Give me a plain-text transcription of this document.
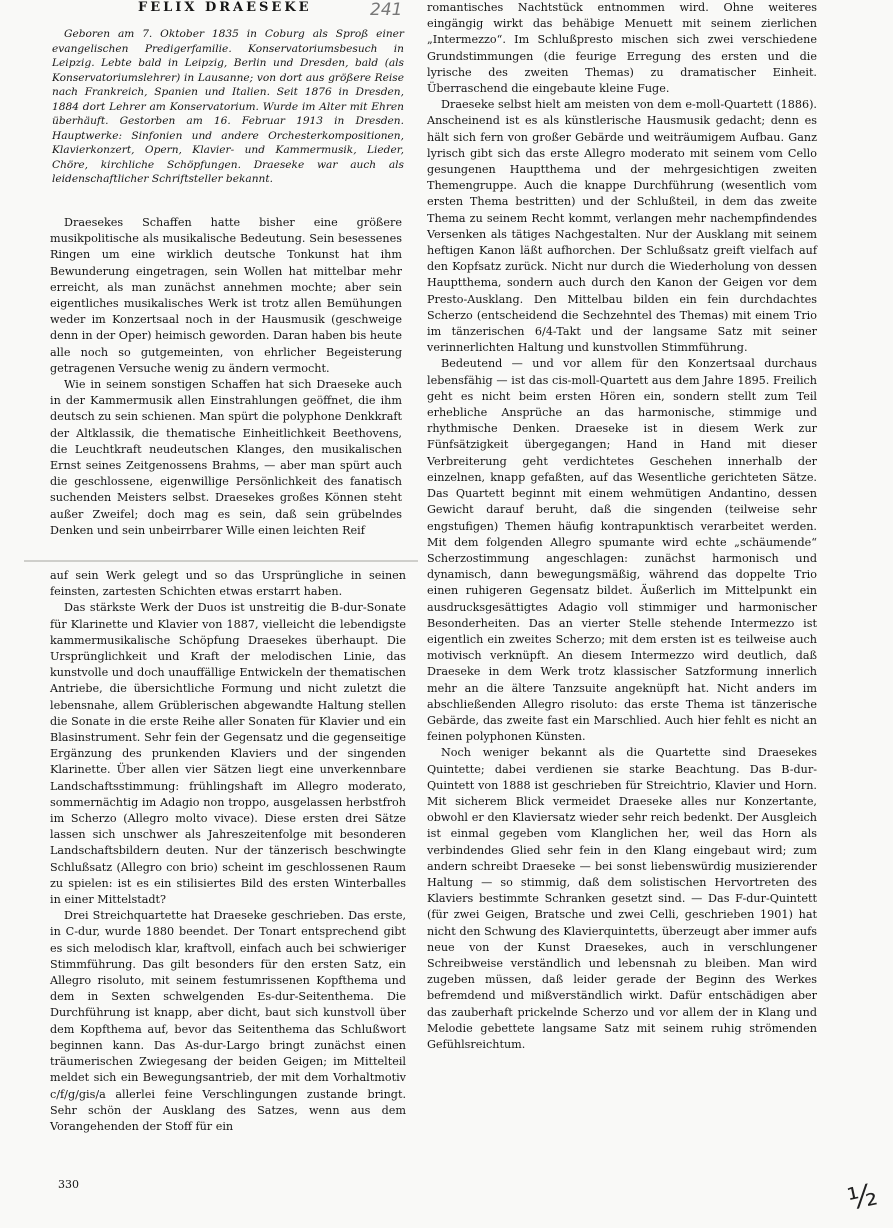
FELIX DRAESEKE	241

Geboren am 7. Oktober 1835 in Coburg als Sproß einer evangelischen Predigerfamilie. Konservatoriumsbesuch in Leipzig. Lebte bald in Leipzig, Berlin und Dresden, bald (als Konservatoriumslehrer) in Lausanne; von dort aus größere Reise nach Frankreich, Spanien und Italien. Seit 1876 in Dresden, 1884 dort Lehrer am Konservatorium. Wurde im Alter mit Ehren überhäuft. Gestorben am 16. Februar 1913 in Dresden. Hauptwerke: Sinfonien und andere Orchesterkompositionen, Klavierkonzert, Opern, Klavier- und Kammermusik, Lieder, Chöre, kirchliche Schöpfungen. Draeseke war auch als leidenschaftlicher Schriftsteller bekannt.

Draesekes Schaffen hatte bisher eine größere musikpolitische als musikalische Bedeutung. Sein besessenes Ringen um eine wirklich deutsche Tonkunst hat ihm Bewunderung eingetragen, sein Wollen hat mittelbar mehr erreicht, als man zunächst annehmen mochte; aber sein eigentliches musikalisches Werk ist trotz allen Bemühungen weder im Konzertsaal noch in der Hausmusik (geschweige denn in der Oper) heimisch geworden. Daran haben bis heute alle noch so gutgemeinten, von ehrlicher Begeisterung getragenen Versuche wenig zu ändern vermocht.

Wie in seinem sonstigen Schaffen hat sich Draeseke auch in der Kammermusik allen Einstrahlungen geöffnet, die ihm deutsch zu sein schienen. Man spürt die polyphone Denkkraft der Altklassik, die thematische Einheitlichkeit Beethovens, die Leuchtkraft neudeutschen Klanges, den musikalischen Ernst seines Zeitgenossens Brahms, — aber man spürt auch die geschlossene, eigenwillige Persönlichkeit des fanatisch suchenden Meisters selbst. Draesekes großes Können steht außer Zweifel; doch mag es sein, daß sein grübelndes Denken und sein unbeirrbarer Wille einen leichten Reif

auf sein Werk gelegt und so das Ursprüngliche in seinen feinsten, zartesten Schichten etwas erstarrt haben.

Das stärkste Werk der Duos ist unstreitig die B-dur-Sonate für Klarinette und Klavier von 1887, vielleicht die lebendigste kammermusikalische Schöpfung Draesekes überhaupt. Die Ursprünglichkeit und Kraft der melodischen Linie, das kunstvolle und doch unauffällige Entwickeln der thematischen Antriebe, die übersichtliche Formung und nicht zuletzt die lebensnahe, allem Grüblerischen abgewandte Haltung stellen die Sonate in die erste Reihe aller Sonaten für Klavier und ein Blasinstrument. Sehr fein der Gegensatz und die gegenseitige Ergänzung des prunkenden Klaviers und der singenden Klarinette. Über allen vier Sätzen liegt eine unverkennbare Landschaftsstimmung: frühlingshaft im Allegro moderato, sommernächtig im Adagio non troppo, ausgelassen herbstfroh im Scherzo (Allegro molto vivace). Diese ersten drei Sätze lassen sich unschwer als Jahreszeitenfolge mit besonderen Landschaftsbildern deuten. Nur der tänzerisch beschwingte Schlußsatz (Allegro con brio) scheint im geschlossenen Raum zu spielen: ist es ein stilisiertes Bild des ersten Winterballes in einer Mittelstadt?

Drei Streichquartette hat Draeseke geschrieben. Das erste, in C-dur, wurde 1880 beendet. Der Tonart entsprechend gibt es sich melodisch klar, kraftvoll, einfach auch bei schwieriger Stimmführung. Das gilt besonders für den ersten Satz, ein Allegro risoluto, mit seinem festumrissenen Kopfthema und dem in Sexten schwelgenden Es-dur-Seitenthema. Die Durchführung ist knapp, aber dicht, baut sich kunstvoll über dem Kopfthema auf, bevor das Seitenthema das Schlußwort beginnen kann. Das As-dur-Largo bringt zunächst einen träumerischen Zwiegesang der beiden Geigen; im Mittelteil meldet sich ein Bewegungsantrieb, der mit dem Vorhaltmotiv c/f/g/gis/a allerlei feine Verschlingungen zustande bringt. Sehr schön der Ausklang des Satzes, wenn aus dem Vorangehenden der Stoff für ein

romantisches Nachtstück entnommen wird. Ohne weiteres eingängig wirkt das behäbige Menuett mit seinem zierlichen „Intermezzo“. Im Schlußpresto mischen sich zwei verschiedene Grundstimmungen (die feurige Erregung des ersten und die lyrische des zweiten Themas) zu dramatischer Einheit. Überraschend die eingebaute kleine Fuge.

Draeseke selbst hielt am meisten von dem e-moll-Quartett (1886). Anscheinend ist es als künstlerische Hausmusik gedacht; denn es hält sich fern von großer Gebärde und weiträumigem Aufbau. Ganz lyrisch gibt sich das erste Allegro moderato mit seinem vom Cello gesungenen Hauptthema und der mehrgesichtigen zweiten Themengruppe. Auch die knappe Durchführung (wesentlich vom ersten Thema bestritten) und der Schlußteil, in dem das zweite Thema zu seinem Recht kommt, verlangen mehr nachempfindendes Versenken als tätiges Nachgestalten. Nur der Ausklang mit seinem heftigen Kanon läßt aufhorchen. Der Schlußsatz greift vielfach auf den Kopfsatz zurück. Nicht nur durch die Wiederholung von dessen Hauptthema, sondern auch durch den Kanon der Geigen vor dem Presto-Ausklang. Den Mittelbau bilden ein fein durchdachtes Scherzo (entscheidend die Sechzehntel des Themas) mit einem Trio im tänzerischen 6/4-Takt und der langsame Satz mit seiner verinnerlichten Haltung und kunstvollen Stimmführung.

Bedeutend — und vor allem für den Konzertsaal durchaus lebensfähig — ist das cis-moll-Quartett aus dem Jahre 1895. Freilich geht es nicht beim ersten Hören ein, sondern stellt zum Teil erhebliche Ansprüche an das harmonische, stimmige und rhythmische Denken. Draeseke ist in diesem Werk zur Fünfsätzigkeit übergegangen; Hand in Hand mit dieser Verbreiterung geht verdichtetes Geschehen innerhalb der einzelnen, knapp gefaßten, auf das Wesentliche gerichteten Sätze. Das Quartett beginnt mit einem wehmütigen Andantino, dessen Gewicht darauf beruht, daß die singenden (teilweise sehr engstufigen) Themen häufig kontrapunktisch verarbeitet werden. Mit dem folgenden Allegro spumante wird echte „schäumende“ Scherzostimmung angeschlagen: zunächst harmonisch und dynamisch, dann bewegungsmäßig, während das doppelte Trio einen ruhigeren Gegensatz bildet. Äußerlich im Mittelpunkt ein ausdrucksgesättigtes Adagio voll stimmiger und harmonischer Besonderheiten. Das an vierter Stelle stehende Intermezzo ist eigentlich ein zweites Scherzo; mit dem ersten ist es teilweise auch motivisch verknüpft. An diesem Intermezzo wird deutlich, daß Draeseke in dem Werk trotz klassischer Satzformung innerlich mehr an die ältere Tanzsuite angeknüpft hat. Nicht anders im abschließenden Allegro risoluto: das erste Thema ist tänzerische Gebärde, das zweite fast ein Marschlied. Auch hier fehlt es nicht an feinen polyphonen Künsten.

Noch weniger bekannt als die Quartette sind Draesekes Quintette; dabei verdienen sie starke Beachtung. Das B-dur-Quintett von 1888 ist geschrieben für Streichtrio, Klavier und Horn. Mit sicherem Blick vermeidet Draeseke alles nur Konzertante, obwohl er den Klaviersatz wieder sehr reich bedenkt. Der Ausgleich ist einmal gegeben vom Klanglichen her, weil das Horn als verbindendes Glied sehr fein in den Klang eingebaut wird; zum andern schreibt Draeseke — bei sonst liebenswürdig musizierender Haltung — so stimmig, daß dem solistischen Hervortreten des Klaviers bestimmte Schranken gesetzt sind. — Das F-dur-Quintett (für zwei Geigen, Bratsche und zwei Celli, geschrieben 1901) hat nicht den Schwung des Klavierquintetts, überzeugt aber immer aufs neue von der Kunst Draesekes, auch in verschlungener Schreibweise verständlich und lebensnah zu bleiben. Man wird zugeben müssen, daß leider gerade der Beginn des Werkes befremdend und mißverständlich wirkt. Dafür entschädigen aber das zauberhaft prickelnde Scherzo und vor allem der in Klang und Melodie gebettete langsame Satz mit seinem ruhig strömenden Gefühlsreichtum.

330	½
